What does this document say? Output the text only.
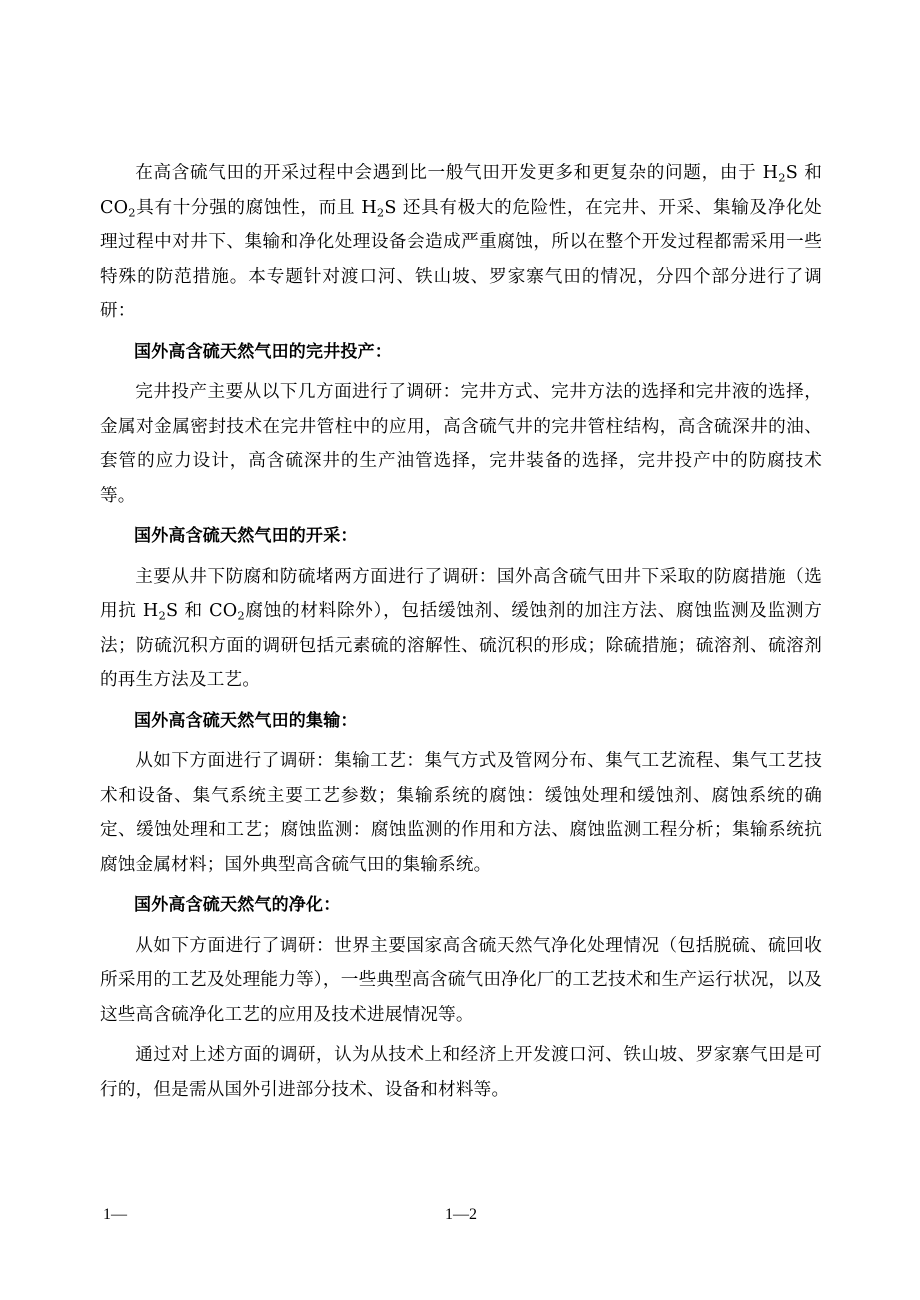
在高含硫气田的开采过程中会遇到比一般气田开发更多和更复杂的问题，由于 $H_2S$ 和 $CO_2$具有十分强的腐蚀性，而且 $H_2S$ 还具有极大的危险性，在完井、开采、集输及净化处理过程中对井下、集输和净化处理设备会造成严重腐蚀，所以在整个开发过程都需采用一些特殊的防范措施。本专题针对渡口河、铁山坡、罗家寨气田的情况，分四个部分进行了调研：

国外高含硫天然气田的完井投产：

完井投产主要从以下几方面进行了调研：完井方式、完井方法的选择和完井液的选择，金属对金属密封技术在完井管柱中的应用，高含硫气井的完井管柱结构，高含硫深井的油、套管的应力设计，高含硫深井的生产油管选择，完井装备的选择，完井投产中的防腐技术等。

国外高含硫天然气田的开采：

主要从井下防腐和防硫堵两方面进行了调研：国外高含硫气田井下采取的防腐措施（选用抗 $H_2S$ 和 $CO_2$腐蚀的材料除外），包括缓蚀剂、缓蚀剂的加注方法、腐蚀监测及监测方法；防硫沉积方面的调研包括元素硫的溶解性、硫沉积的形成；除硫措施；硫溶剂、硫溶剂的再生方法及工艺。

国外高含硫天然气田的集输：

从如下方面进行了调研：集输工艺：集气方式及管网分布、集气工艺流程、集气工艺技术和设备、集气系统主要工艺参数；集输系统的腐蚀：缓蚀处理和缓蚀剂、腐蚀系统的确定、缓蚀处理和工艺；腐蚀监测：腐蚀监测的作用和方法、腐蚀监测工程分析；集输系统抗腐蚀金属材料；国外典型高含硫气田的集输系统。

国外高含硫天然气的净化：

从如下方面进行了调研：世界主要国家高含硫天然气净化处理情况（包括脱硫、硫回收所采用的工艺及处理能力等），一些典型高含硫气田净化厂的工艺技术和生产运行状况，以及这些高含硫净化工艺的应用及技术进展情况等。

通过对上述方面的调研，认为从技术上和经济上开发渡口河、铁山坡、罗家寨气田是可行的，但是需从国外引进部分技术、设备和材料等。

1—	1—2
